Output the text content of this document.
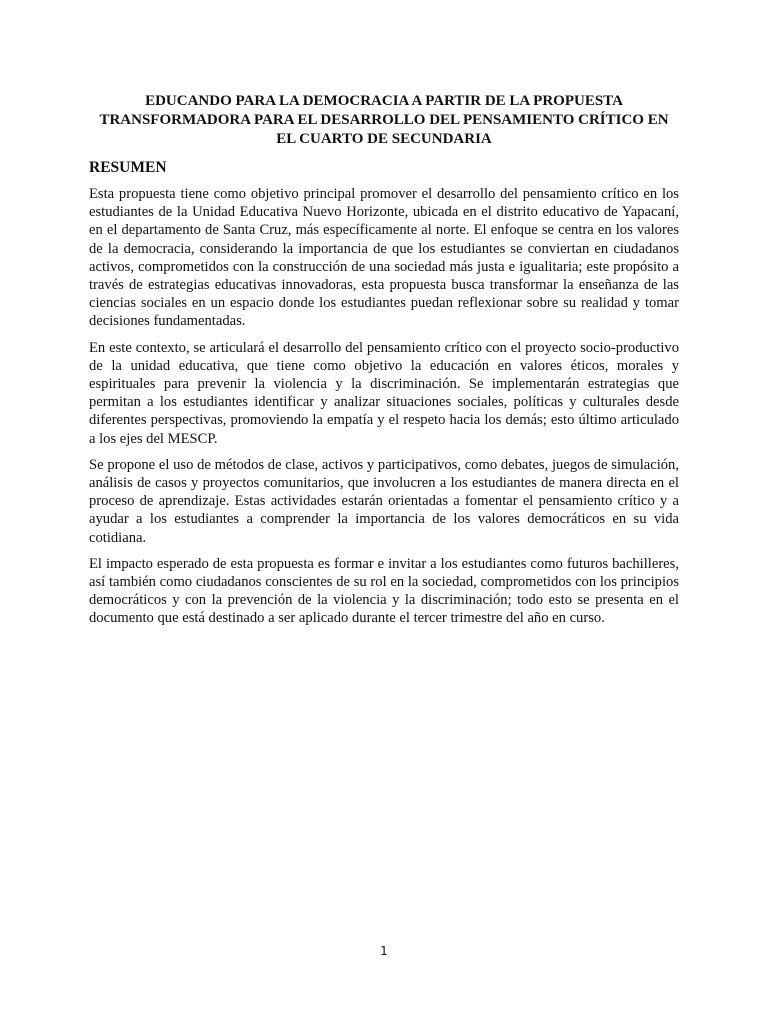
EDUCANDO PARA LA DEMOCRACIA A PARTIR DE LA PROPUESTA
TRANSFORMADORA PARA EL DESARROLLO DEL PENSAMIENTO CRÍTICO EN
EL CUARTO DE SECUNDARIA
RESUMEN

Esta propuesta tiene como objetivo principal promover el desarrollo del pensamiento crítico en los estudiantes de la Unidad Educativa Nuevo Horizonte, ubicada en el distrito educativo de Yapacaní, en el departamento de Santa Cruz, más específicamente al norte. El enfoque se centra en los valores de la democracia, considerando la importancia de que los estudiantes se conviertan en ciudadanos activos, comprometidos con la construcción de una sociedad más justa e igualitaria; este propósito a través de estrategias educativas innovadoras, esta propuesta busca transformar la enseñanza de las ciencias sociales en un espacio donde los estudiantes puedan reflexionar sobre su realidad y tomar decisiones fundamentadas.

En este contexto, se articulará el desarrollo del pensamiento crítico con el proyecto socio-productivo de la unidad educativa, que tiene como objetivo la educación en valores éticos, morales y espirituales para prevenir la violencia y la discriminación. Se implementarán estrategias que permitan a los estudiantes identificar y analizar situaciones sociales, políticas y culturales desde diferentes perspectivas, promoviendo la empatía y el respeto hacia los demás; esto último articulado a los ejes del MESCP.

Se propone el uso de métodos de clase, activos y participativos, como debates, juegos de simulación, análisis de casos y proyectos comunitarios, que involucren a los estudiantes de manera directa en el proceso de aprendizaje. Estas actividades estarán orientadas a fomentar el pensamiento crítico y a ayudar a los estudiantes a comprender la importancia de los valores democráticos en su vida cotidiana.

El impacto esperado de esta propuesta es formar e invitar a los estudiantes como futuros bachilleres, así también como ciudadanos conscientes de su rol en la sociedad, comprometidos con los principios democráticos y con la prevención de la violencia y la discriminación; todo esto se presenta en el documento que está destinado a ser aplicado durante el tercer trimestre del año en curso.

1
